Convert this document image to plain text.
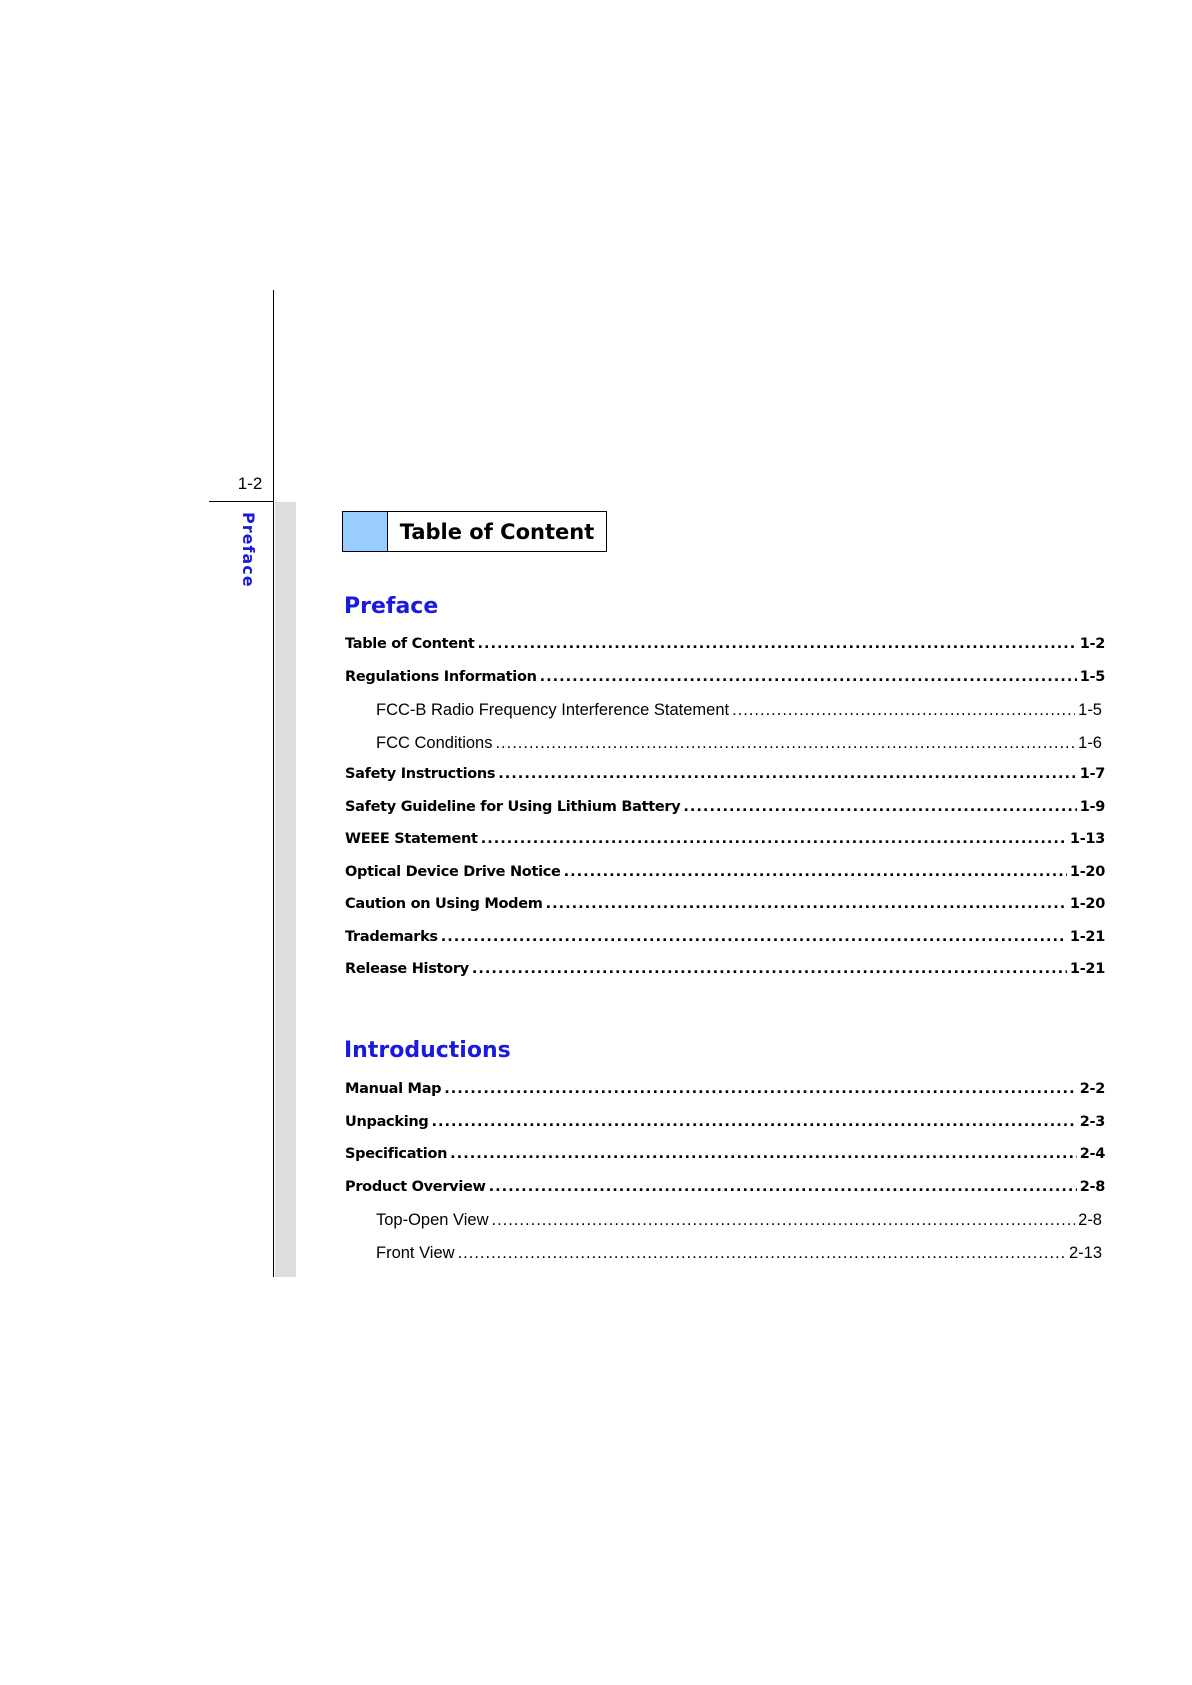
1-2
Preface	Table of Content
Preface
Table of Content .....	1-2
Regulations Information .....	1-5
FCC-B Radio Frequency Interference Statement .....	1-5
FCC Conditions .....	1-6
Safety Instructions .....	1-7
Safety Guideline for Using Lithium Battery .....	1-9
WEEE Statement .....	1-13
Optical Device Drive Notice .....	1-20
Caution on Using Modem .....	1-20
Trademarks .....	1-21
Release History .....	1-21
Introductions
Manual Map .....	2-2
Unpacking .....	2-3
Specification .....	2-4
Product Overview .....	2-8
Top-Open View .....	2-8
Front View .....	2-13
